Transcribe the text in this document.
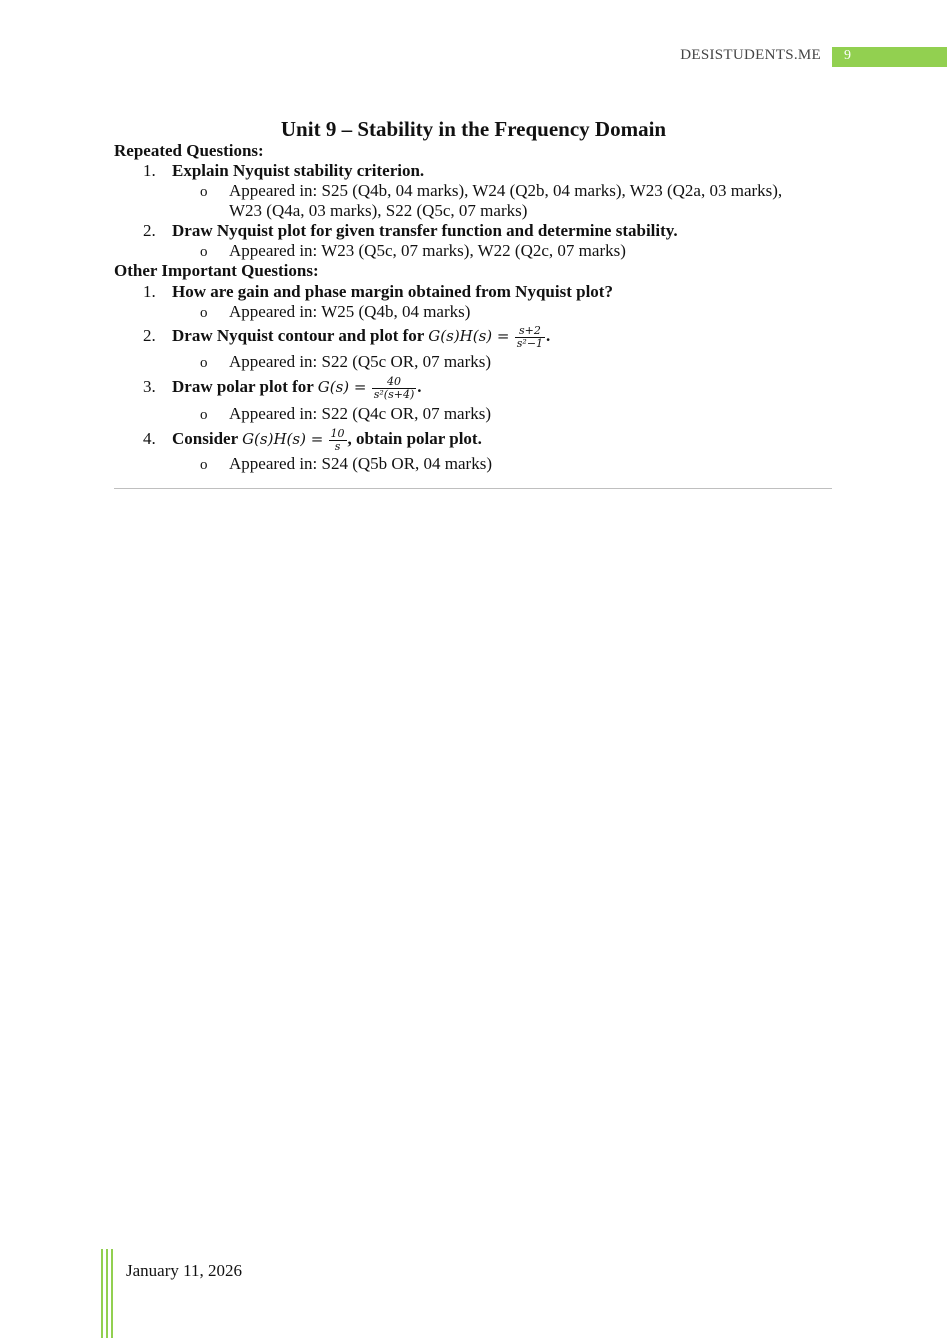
DESISTUDENTS.ME 9
Unit 9 – Stability in the Frequency Domain
Repeated Questions:
1. Explain Nyquist stability criterion.
o Appeared in: S25 (Q4b, 04 marks), W24 (Q2b, 04 marks), W23 (Q2a, 03 marks),
W23 (Q4a, 03 marks), S22 (Q5c, 07 marks)
2. Draw Nyquist plot for given transfer function and determine stability.
o Appeared in: W23 (Q5c, 07 marks), W22 (Q2c, 07 marks)
Other Important Questions:
1. How are gain and phase margin obtained from Nyquist plot?
o Appeared in: W25 (Q4b, 04 marks)
2. Draw Nyquist contour and plot for $G(s)H(s) = \frac{s+2}{\text{s²−1}}$ .
o Appeared in: S22 (Q5c OR, 07 marks)
3. Draw polar plot for $G(s) = \frac{40}{\text{s²(s+4)}}$ .
o Appeared in: S22 (Q4c OR, 07 marks)
4. Consider $G(s)H(s) = \frac{10}{s}$ , obtain polar plot.
o Appeared in: S24 (Q5b OR, 04 marks)
January 11, 2026
